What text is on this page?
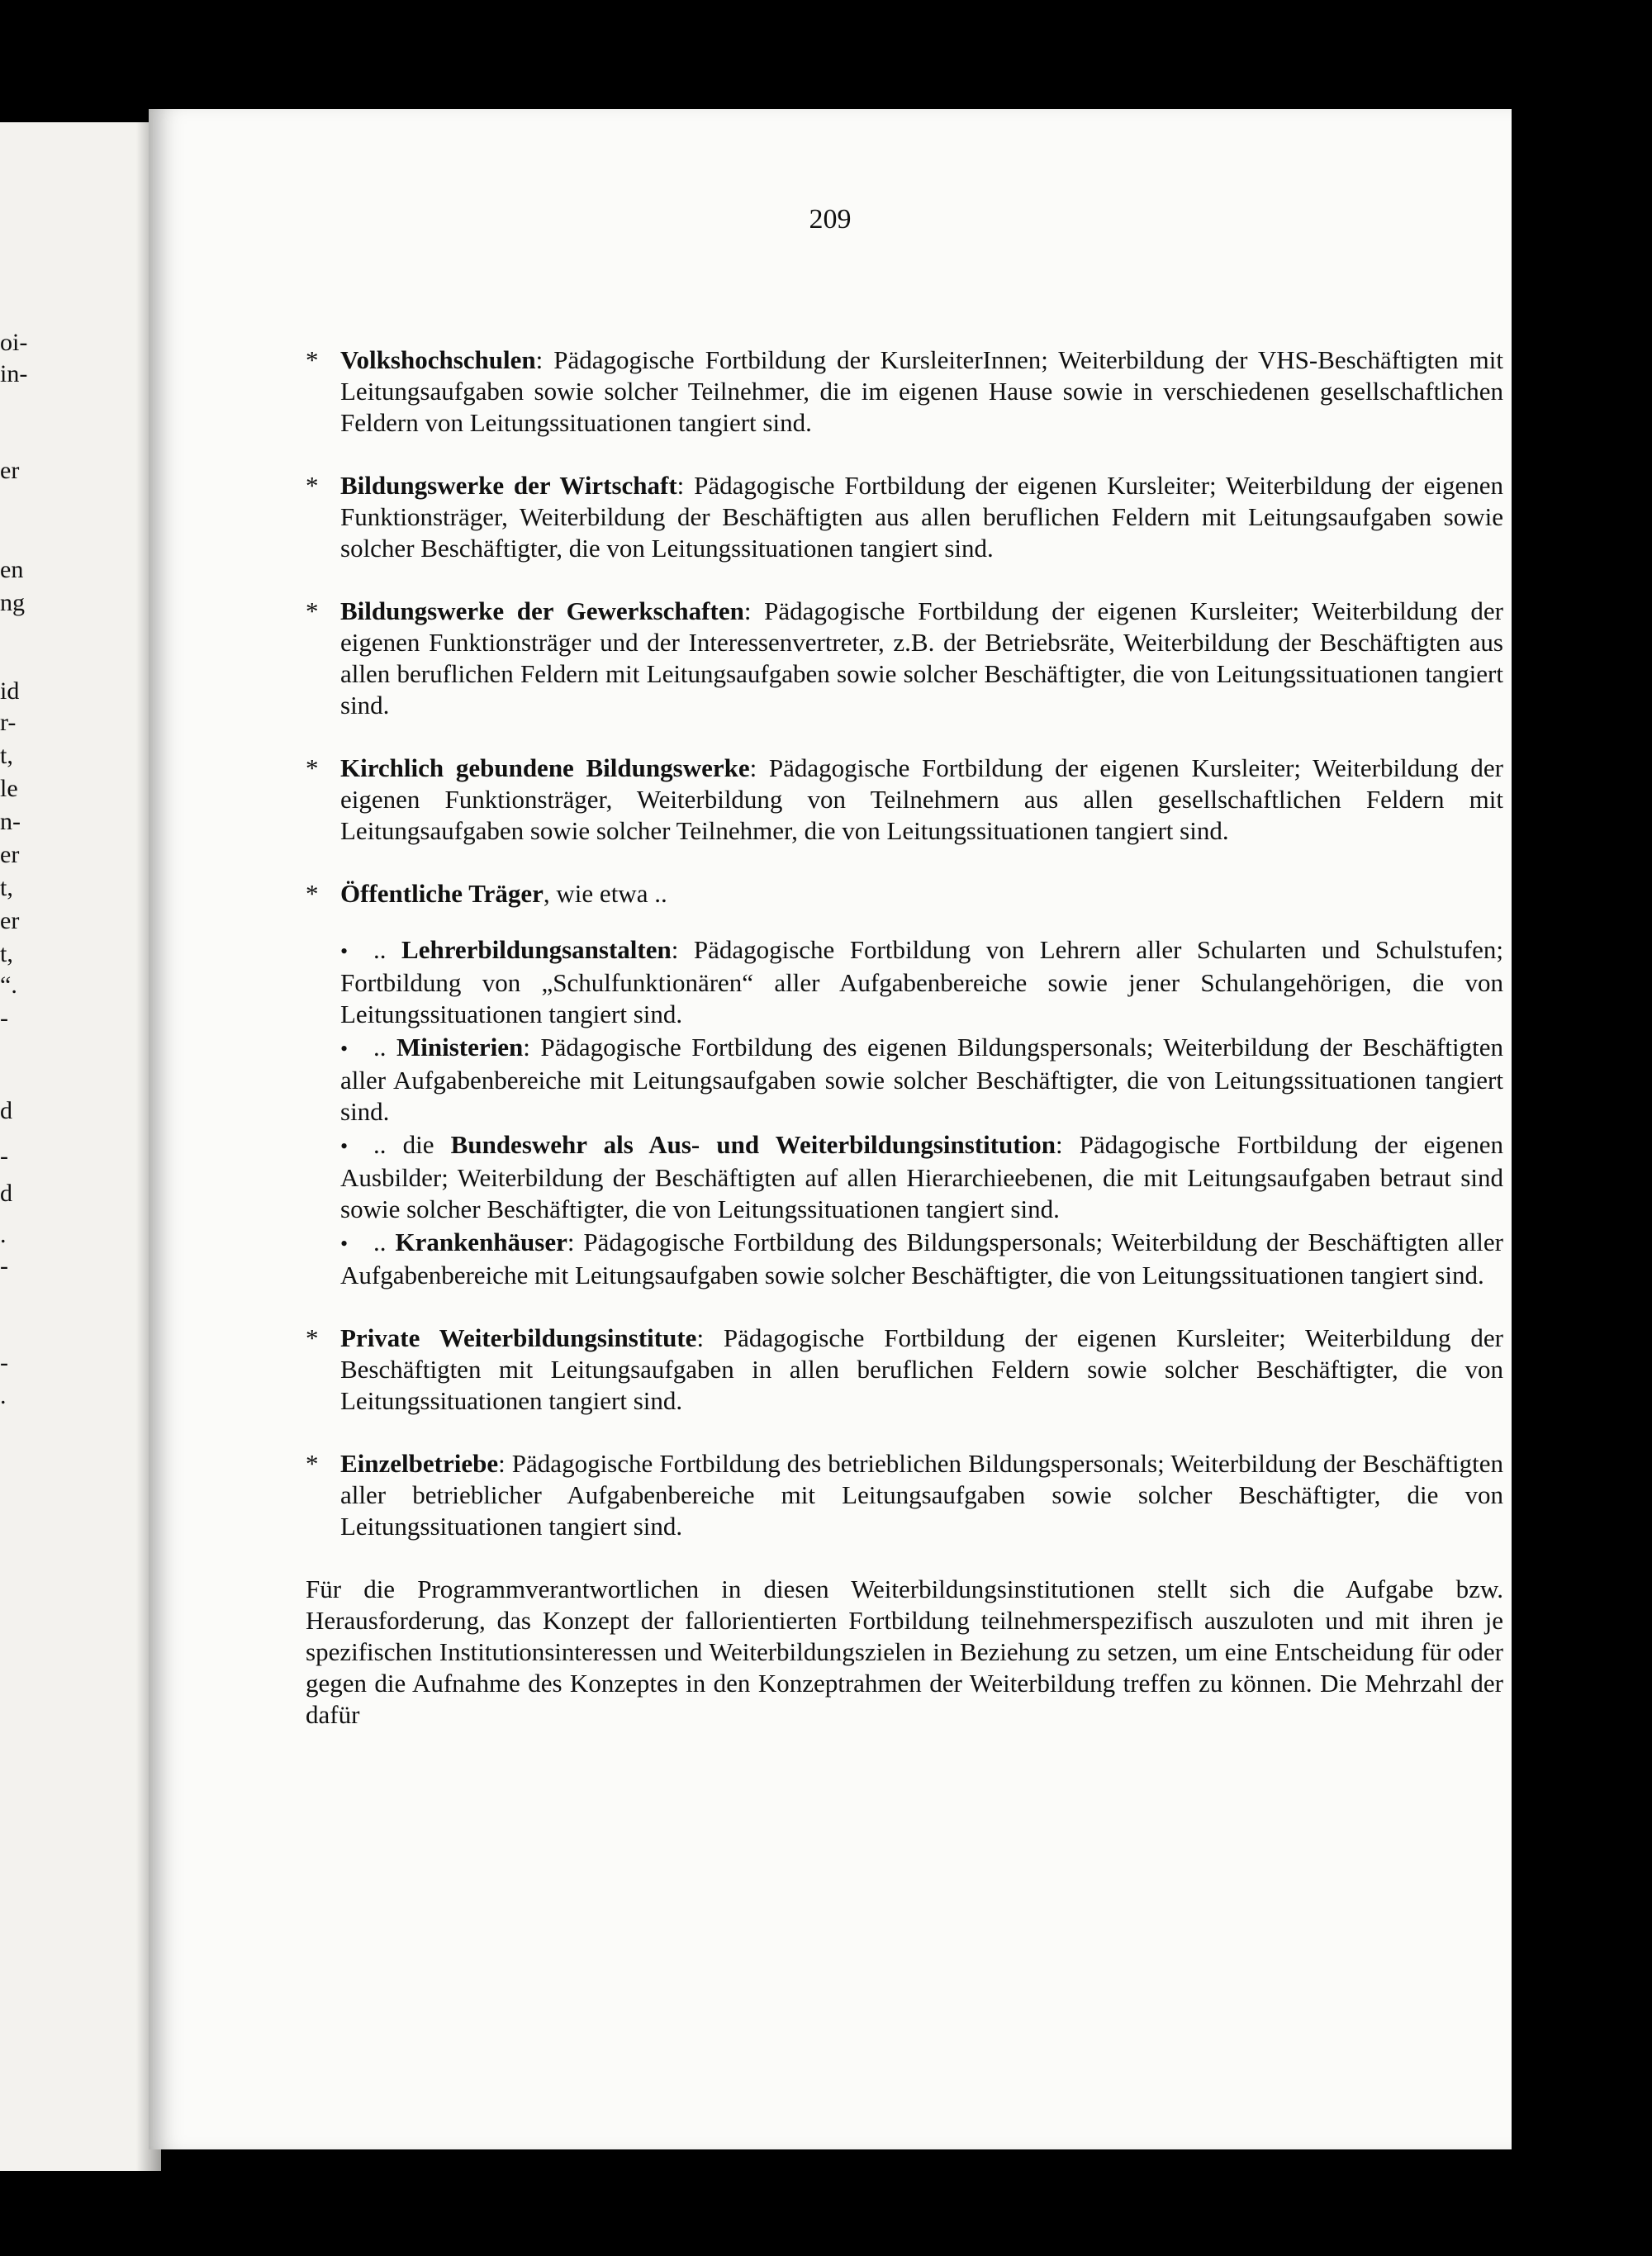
oi-
in-
er
en
ng
id
r-
t,
le
n-
er
t,
er
t,
“.
-
d
-
d
.
-
-
.
209
* Volkshochschulen: Pädagogische Fortbildung der KursleiterInnen; Weiterbildung der VHS-Beschäftigten mit Leitungsaufgaben sowie solcher Teilnehmer, die im eigenen Hause sowie in verschiedenen gesellschaftlichen Feldern von Leitungssituationen tangiert sind.
* Bildungswerke der Wirtschaft: Pädagogische Fortbildung der eigenen Kursleiter; Weiterbildung der eigenen Funktionsträger, Weiterbildung der Beschäftigten aus allen beruflichen Feldern mit Leitungsaufgaben sowie solcher Beschäftigter, die von Leitungssituationen tangiert sind.
* Bildungswerke der Gewerkschaften: Pädagogische Fortbildung der eigenen Kursleiter; Weiterbildung der eigenen Funktionsträger und der Interessenvertreter, z.B. der Betriebsräte, Weiterbildung der Beschäftigten aus allen beruflichen Feldern mit Leitungsaufgaben sowie solcher Beschäftigter, die von Leitungssituationen tangiert sind.
* Kirchlich gebundene Bildungswerke: Pädagogische Fortbildung der eigenen Kursleiter; Weiterbildung der eigenen Funktionsträger, Weiterbildung von Teilnehmern aus allen gesellschaftlichen Feldern mit Leitungsaufgaben sowie solcher Teilnehmer, die von Leitungssituationen tangiert sind.
* Öffentliche Träger, wie etwa ..
• .. Lehrerbildungsanstalten: Pädagogische Fortbildung von Lehrern aller Schularten und Schulstufen; Fortbildung von „Schulfunktionären“ aller Aufgabenbereiche sowie jener Schulangehörigen, die von Leitungssituationen tangiert sind.
• .. Ministerien: Pädagogische Fortbildung des eigenen Bildungspersonals; Weiterbildung der Beschäftigten aller Aufgabenbereiche mit Leitungsaufgaben sowie solcher Beschäftigter, die von Leitungssituationen tangiert sind.
• .. die Bundeswehr als Aus- und Weiterbildungsinstitution: Pädagogische Fortbildung der eigenen Ausbilder; Weiterbildung der Beschäftigten auf allen Hierarchieebenen, die mit Leitungsaufgaben betraut sind sowie solcher Beschäftigter, die von Leitungssituationen tangiert sind.
• .. Krankenhäuser: Pädagogische Fortbildung des Bildungspersonals; Weiterbildung der Beschäftigten aller Aufgabenbereiche mit Leitungsaufgaben sowie solcher Beschäftigter, die von Leitungssituationen tangiert sind.
* Private Weiterbildungsinstitute: Pädagogische Fortbildung der eigenen Kursleiter; Weiterbildung der Beschäftigten mit Leitungsaufgaben in allen beruflichen Feldern sowie solcher Beschäftigter, die von Leitungssituationen tangiert sind.
* Einzelbetriebe: Pädagogische Fortbildung des betrieblichen Bildungspersonals; Weiterbildung der Beschäftigten aller betrieblicher Aufgabenbereiche mit Leitungsaufgaben sowie solcher Beschäftigter, die von Leitungssituationen tangiert sind.

Für die Programmverantwortlichen in diesen Weiterbildungsinstitutionen stellt sich die Aufgabe bzw. Herausforderung, das Konzept der fallorientierten Fortbildung teilnehmerspezifisch auszuloten und mit ihren je spezifischen Institutionsinteressen und Weiterbildungszielen in Beziehung zu setzen, um eine Entscheidung für oder gegen die Aufnahme des Konzeptes in den Konzeptrahmen der Weiterbildung treffen zu können. Die Mehrzahl der dafür
